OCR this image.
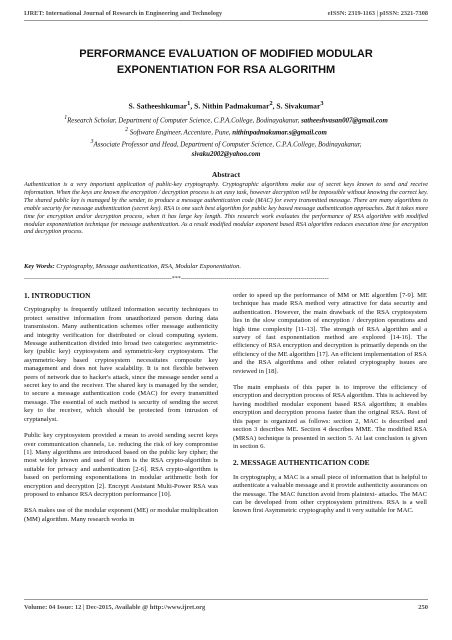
IJRET: International Journal of Research in Engineering and Technology	eISSN: 2319-1163 | pISSN: 2321-7308
PERFORMANCE EVALUATION OF MODIFIED MODULAR
EXPONENTIATION FOR RSA ALGORITHM
S. Satheeshkumar$^1$, S. Nithin Padmakumar$^2$, S. Sivakumar$^3$
$^1$Research Scholar, Department of Computer Science, C.P.A.College, Bodinayakanur, satheeshvasan007@gmail.com
$^2$ Software Engineer, Accenture, Pune, nithinpadmakumar.s@gmail.com
$^3$Associate Professor and Head, Department of Computer Science, C.P.A.College, Bodinayakanur,
sivaku2002@yahoo.com
Abstract
Authentication is a very important application of public-key cryptography. Cryptographic algorithms make use of secret keys known to send and receive information. When the keys are known the encryption / decryption process is an easy task, however decryption will be impossible without knowing the correct key. The shared public key is managed by the sender, to produce a message authentication code (MAC) for every transmitted message. There are many algorithms to enable security for message authentication (secret key). RSA is one such best algorithm for public key based message authentication approaches. But it takes more time for encryption and/or decryption process, when it has large key length. This research work evaluates the performance of RSA algorithm with modified modular exponentiation technique for message authentication. As a result modified modular exponent based RSA algorithm reduces execution time for encryption and decryption process.
Key Words: Cryptography, Message authentication, RSA, Modular Exponentiation.
--------------------------------------------------------------------------***--------------------------------------------------------------------------
1. INTRODUCTION

Cryptography is frequently utilized information security techniques to protect sensitive information from unauthorized person during data transmission. Many authentication schemes offer message authenticity and integrity verification for distributed or cloud computing system. Message authentication divided into broad two categories: asymmetric-key (public key) cryptosystem and symmetric-key cryptosystem. The asymmetric-key based cryptosystem necessitates composite key management and does not have scalability. It is not flexible between peers of network due to hacker's attack, since the message sender send a secret key to and the receiver. The shared key is managed by the sender, to secure a message authentication code (MAC) for every transmitted message. The essential of such method is security of sending the secret key to the receiver, which should be protected from intrusion of cryptanalyst.

Public key cryptosystem provided a mean to avoid sending secret keys over communication channels, i.e. reducing the risk of key compromise [1]. Many algorithms are introduced based on the public key cipher; the most widely known and used of them is the RSA crypto-algorithm is suitable for privacy and authentication [2-6]. RSA crypto-algorithm is based on performing exponentiations in modular arithmetic both for encryption and decryption [2]. Encrypt Assistant Multi-Power RSA was proposed to enhance RSA decryption performance [10].

RSA makes use of the modular exponent (ME) or modular multiplication (MM) algorithm. Many research works in

order to speed up the performance of MM or ME algorithm [7-9]. ME technique has made RSA method very attractive for data security and authentication. However, the main drawback of the RSA cryptosystem lies in the slow computation of encryption / decryption operations and high time complexity [11-13]. The strength of RSA algorithm and a survey of fast exponentiation method are explored [14-16]. The efficiency of RSA encryption and decryption is primarily depends on the efficiency of the ME algorithm [17]. An efficient implementation of RSA and the RSA algorithms and other related cryptography issues are reviewed in [18].

The main emphasis of this paper is to improve the efficiency of encryption and decryption process of RSA algorithm. This is achieved by having modified modular exponent based RSA algorithm; it enables encryption and decryption process faster than the original RSA. Rest of this paper is organized as follows: section 2, MAC is described and section 3 describes ME. Section 4 describes MME. The modified RSA (MRSA) technique is presented in section 5. At last conclusion is given in section 6.

2. MESSAGE AUTHENTICATION CODE

In cryptography, a MAC is a small piece of information that is helpful to authenticate a valuable message and it provide authenticity assurances on the message. The MAC function avoid from plaintext- attacks. The MAC can be developed from other cryptosystem primitives. RSA is a well known first Asymmetric cryptography and it very suitable for MAC.

Volume: 04 Issue: 12 | Dec-2015, Available @ http://www.ijret.org	250
